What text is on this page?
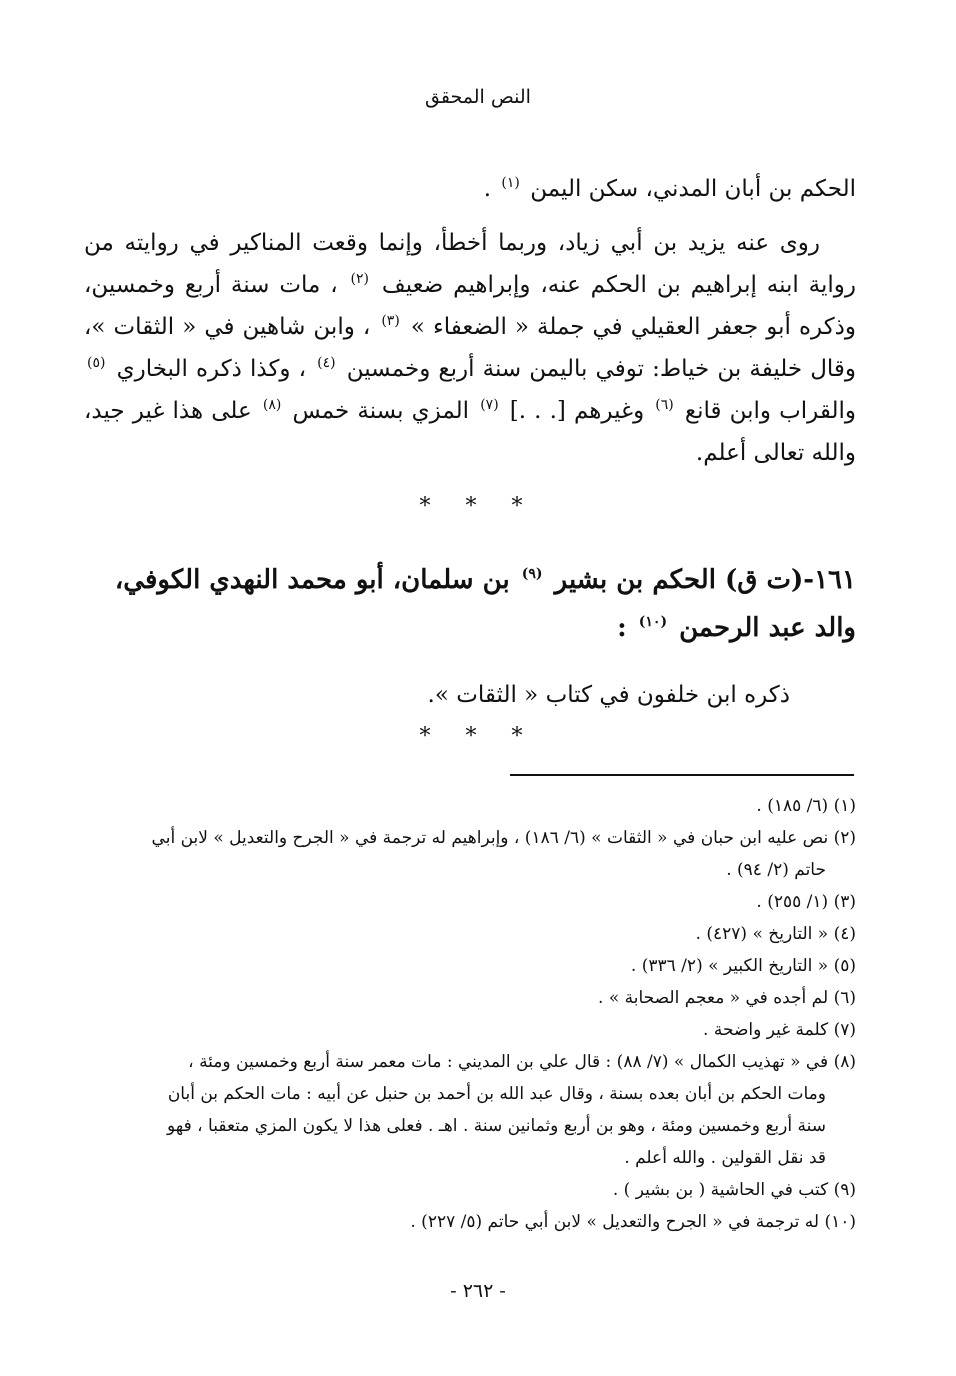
النص المحقق

الحكم بن أبان المدني، سكن اليمن $^{(١)}$ .

روى عنه يزيد بن أبي زياد، وربما أخطأ، وإنما وقعت المناكير في روايته من رواية ابنه إبراهيم بن الحكم عنه، وإبراهيم ضعيف $^{(٢)}$ ، مات سنة أربع وخمسين، وذكره أبو جعفر العقيلي في جملة « الضعفاء » $^{(٣)}$ ، وابن شاهين في « الثقات »، وقال خليفة بن خياط: توفي باليمن سنة أربع وخمسين $^{(٤)}$ ، وكذا ذكره البخاري $^{(٥)}$ والقراب وابن قانع $^{(٦)}$ وغيرهم [. . .] $^{(٧)}$ المزي بسنة خمس $^{(٨)}$ على هذا غير جيد، والله تعالى أعلم.

* * *

١٦١-(ت ق) الحكم بن بشير $^{(٩)}$ بن سلمان، أبو محمد النهدي الكوفي،

والد عبد الرحمن $^{(١٠)}$ :

ذكره ابن خلفون في كتاب « الثقات ».

* * *

(١) (٦/ ١٨٥) .

(٢) نص عليه ابن حبان في « الثقات » (٦/ ١٨٦) ، وإبراهيم له ترجمة في « الجرح والتعديل » لابن أبي

حاتم (٢/ ٩٤) .

(٣) (١/ ٢٥٥) .

(٤) « التاريخ » (٤٢٧) .

(٥) « التاريخ الكبير » (٢/ ٣٣٦) .

(٦) لم أجده في « معجم الصحابة » .

(٧) كلمة غير واضحة .

(٨) في « تهذيب الكمال » (٧/ ٨٨) : قال علي بن المديني : مات معمر سنة أربع وخمسين ومئة ،

ومات الحكم بن أبان بعده بسنة ، وقال عبد الله بن أحمد بن حنبل عن أبيه : مات الحكم بن أبان

سنة أربع وخمسين ومئة ، وهو بن أربع وثمانين سنة . اهـ . فعلى هذا لا يكون المزي متعقبا ، فهو

قد نقل القولين . والله أعلم .

(٩) كتب في الحاشية ( بن بشير ) .

(١٠) له ترجمة في « الجرح والتعديل » لابن أبي حاتم (٥/ ٢٢٧) .

- ٢٦٢ -
